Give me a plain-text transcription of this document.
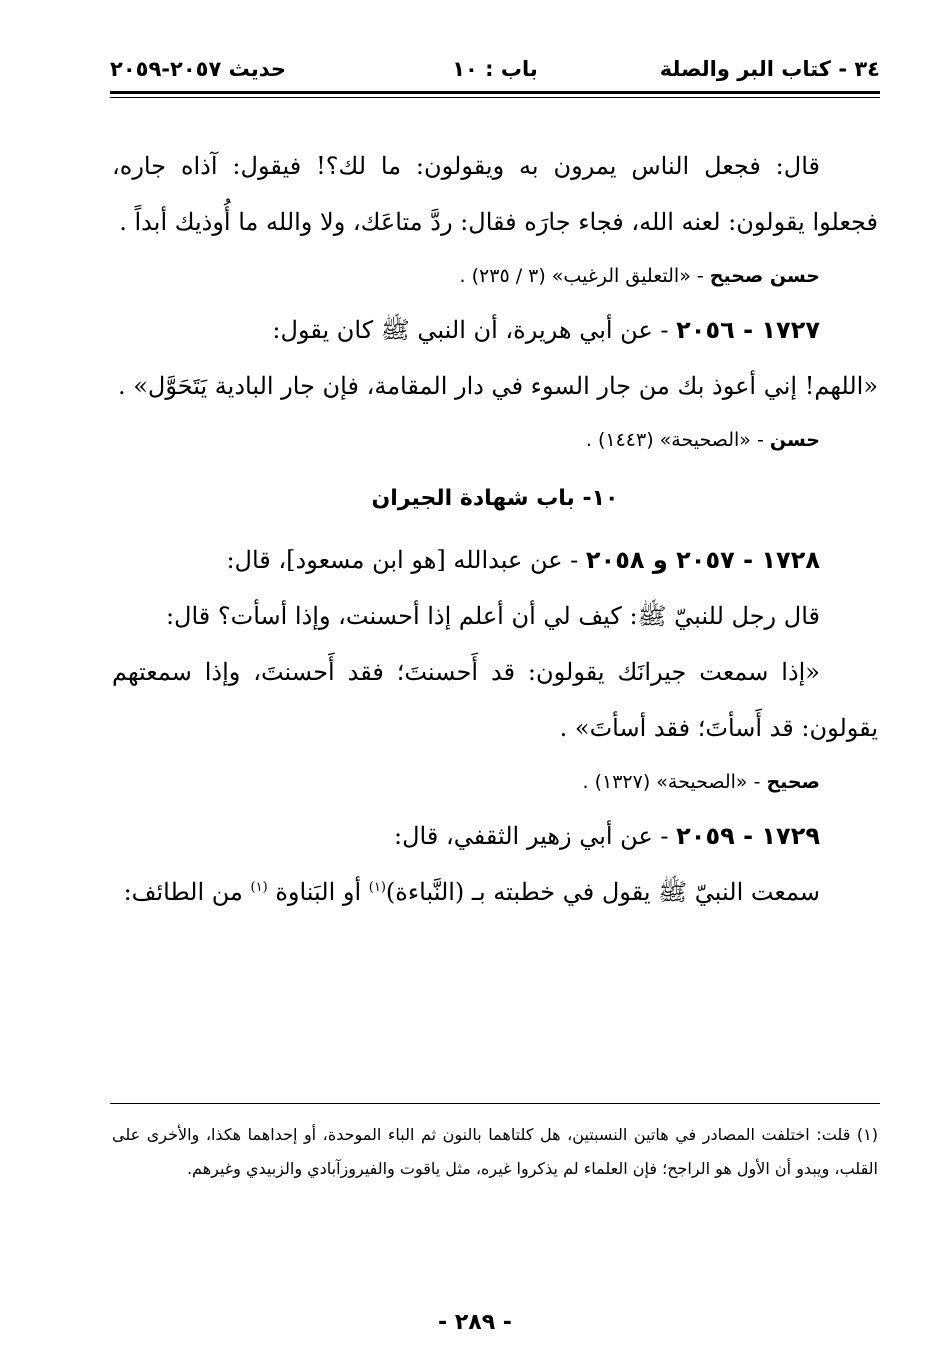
٣٤ - كتاب البر والصلة
باب : ١٠
حديث ٢٠٥٧-٢٠٥٩

قال: فجعل الناس يمرون به ويقولون: ما لك؟! فيقول: آذاه جاره، فجعلوا يقولون: لعنه الله، فجاء جارَه فقال: ردَّ متاعَك، ولا والله ما أُوذيك أبداً .

حسن صحيح - «التعليق الرغيب» (٣ / ٢٣٥) .

١٧٢٧ - ٢٠٥٦ - عن أبي هريرة، أن النبي ﷺ كان يقول:

«اللهم! إني أعوذ بك من جار السوء في دار المقامة، فإن جار البادية يَتَحَوَّل» .

حسن - «الصحيحة» (١٤٤٣) .

١٠- باب شهادة الجيران

١٧٢٨ - ٢٠٥٧ و ٢٠٥٨ - عن عبدالله [هو ابن مسعود]، قال:

قال رجل للنبيّ ﷺ: كيف لي أن أعلم إذا أحسنت، وإذا أسأت؟ قال:

«إذا سمعت جيرانَك يقولون: قد أَحسنتَ؛ فقد أَحسنتَ، وإذا سمعتهم يقولون: قد أَسأتَ؛ فقد أسأتَ» .

صحيح - «الصحيحة» (١٣٢٧) .

١٧٢٩ - ٢٠٥٩ - عن أبي زهير الثقفي، قال:

سمعت النبيّ ﷺ يقول في خطبته بـ (النَّباءة)$^{(١)}$ أو البَناوة $^{(١)}$ من الطائف:

(١) قلت: اختلفت المصادر في هاتين النسبتين، هل كلتاهما بالنون ثم الباء الموحدة، أو إحداهما هكذا، والأخرى على القلب، ويبدو أن الأول هو الراجح؛ فإن العلماء لم يذكروا غيره، مثل ياقوت والفيروزآبادي والزبيدي وغيرهم.
- ٢٨٩ -
